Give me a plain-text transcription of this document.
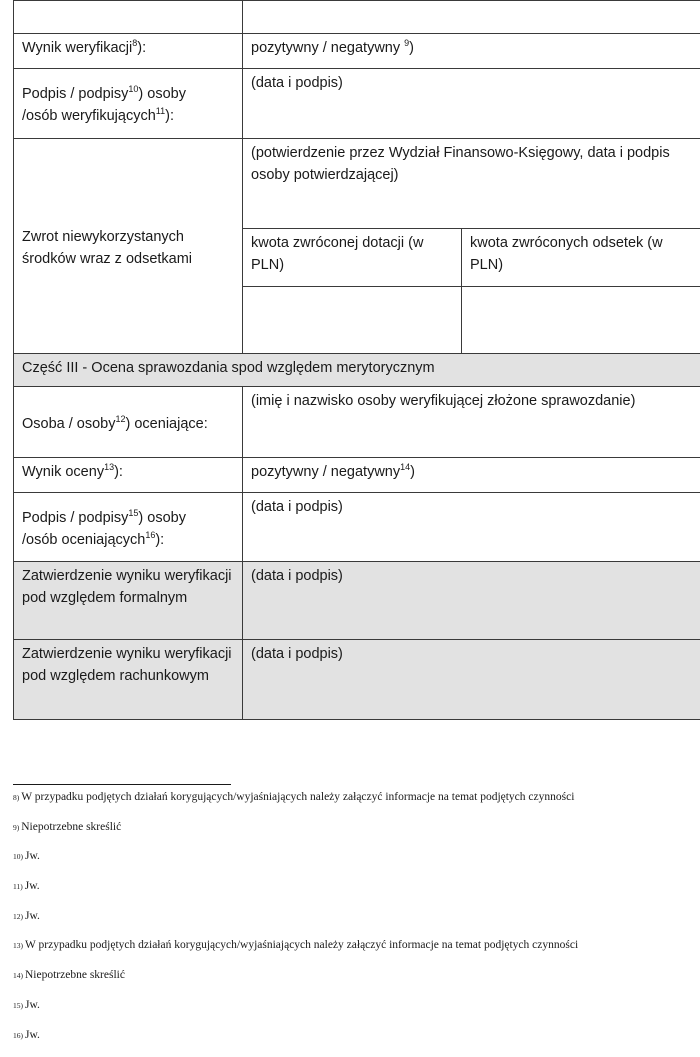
Wynik weryfikacji$^8$):	pozytywny / negatywny $^9$)	
Podpis / podpisy$^{10}$) osoby
/osób weryfikujących$^{11}$):	(data i podpis)	
Zwrot niewykorzystanych środków wraz z odsetkami	(potwierdzenie przez Wydział Finansowo-Księgowy, data i podpis osoby potwierdzającej)	
	kwota zwróconej dotacji (w PLN)	kwota zwróconych odsetek (w PLN)

Część III - Ocena sprawozdania spod względem merytorycznym		
Osoba / osoby$^{12}$) oceniające:	(imię i nazwisko osoby weryfikującej złożone sprawozdanie)	
Wynik oceny$^{13}$):	pozytywny / negatywny$^{14}$)	
Podpis / podpisy$^{15}$) osoby
/osób oceniających$^{16}$):	(data i podpis)	
Zatwierdzenie wyniku weryfikacji pod względem formalnym	(data i podpis)	
Zatwierdzenie wyniku weryfikacji pod względem rachunkowym	(data i podpis)	
$^{8)}$ W przypadku podjętych działań korygujących/wyjaśniających należy załączyć informacje na temat podjętych czynności
$^{9)}$ Niepotrzebne skreślić
$^{10)}$ Jw.
$^{11)}$ Jw.
$^{12)}$ Jw.
$^{13)}$ W przypadku podjętych działań korygujących/wyjaśniających należy załączyć informacje na temat podjętych czynności
$^{14)}$ Niepotrzebne skreślić
$^{15)}$ Jw.
$^{16)}$ Jw.
